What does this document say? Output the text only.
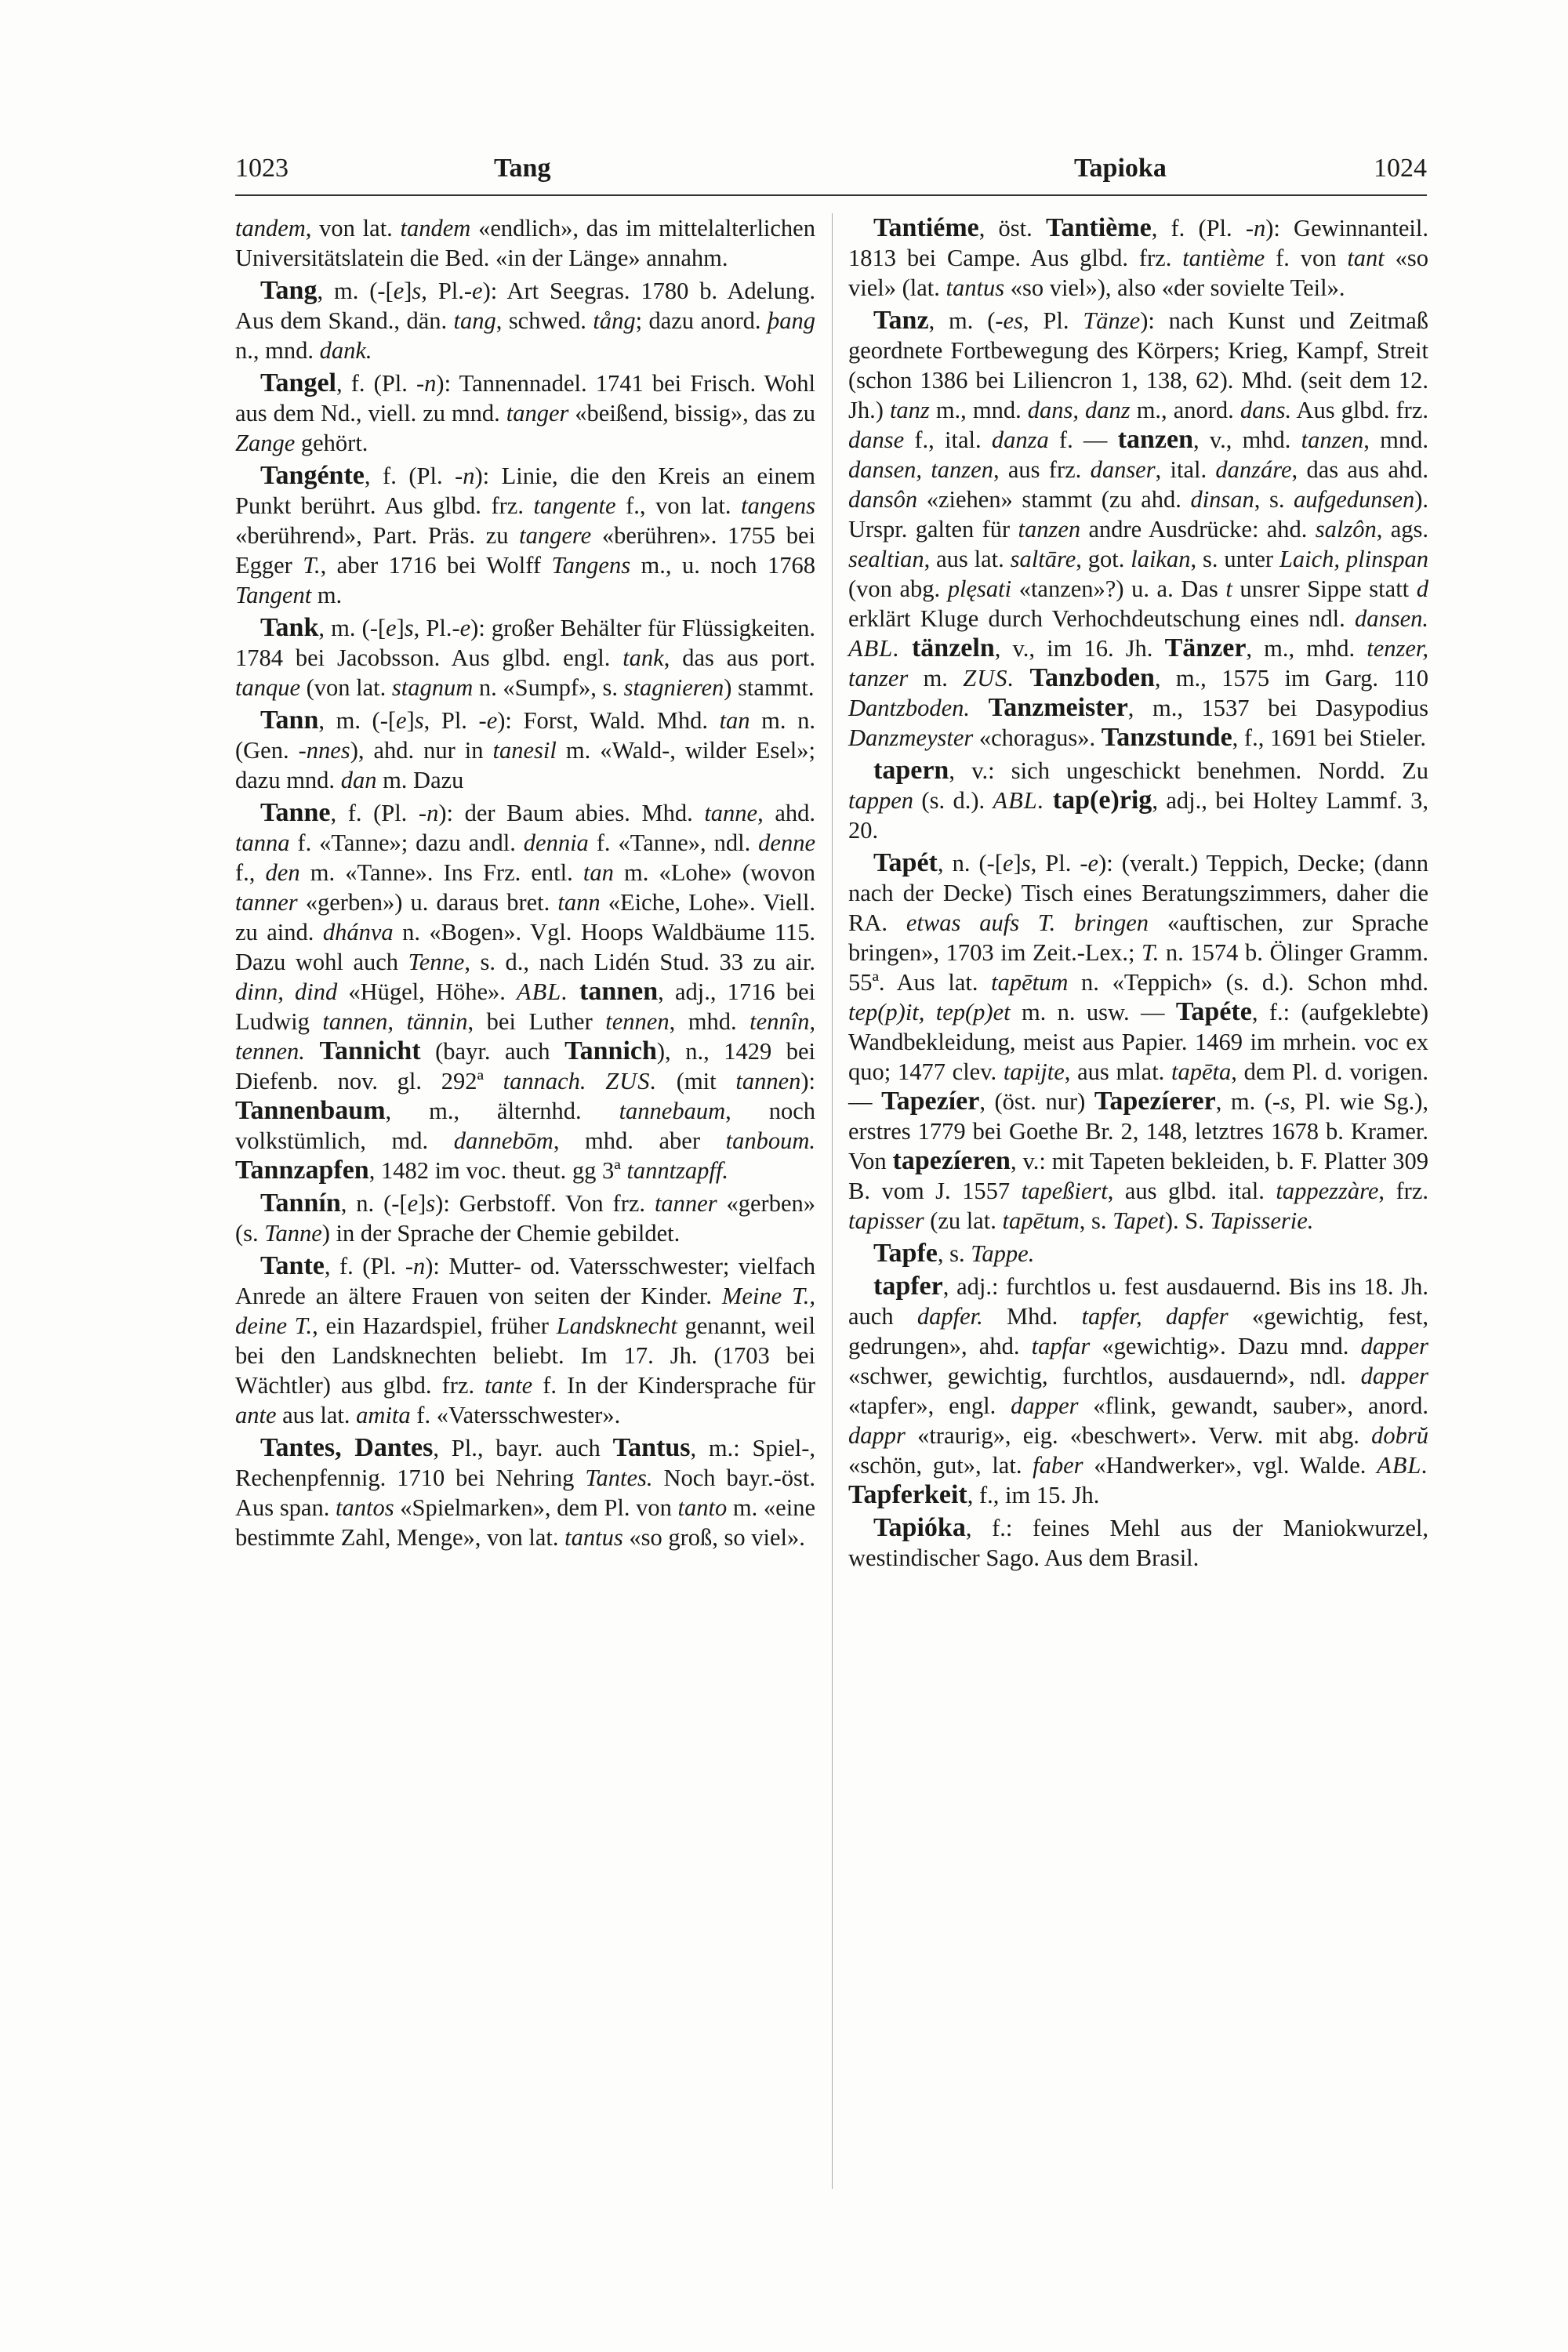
1023	Tang	Tapioka	1024

tandem, von lat. tandem «endlich», das im mittelalterlichen Universitätslatein die Bed. «in der Länge» annahm.

Tang, m. (-[e]s, Pl.-e): Art Seegras. 1780 b. Adelung. Aus dem Skand., dän. tang, schwed. tång; dazu anord. þang n., mnd. dank.

Tangel, f. (Pl. -n): Tannennadel. 1741 bei Frisch. Wohl aus dem Nd., viell. zu mnd. tanger «beißend, bissig», das zu Zange gehört.

Tangénte, f. (Pl. -n): Linie, die den Kreis an einem Punkt berührt. Aus glbd. frz. tangente f., von lat. tangens «berührend», Part. Präs. zu tangere «berühren». 1755 bei Egger T., aber 1716 bei Wolff Tangens m., u. noch 1768 Tangent m.

Tank, m. (-[e]s, Pl.-e): großer Behälter für Flüssigkeiten. 1784 bei Jacobsson. Aus glbd. engl. tank, das aus port. tanque (von lat. stagnum n. «Sumpf», s. stagnieren) stammt.

Tann, m. (-[e]s, Pl. -e): Forst, Wald. Mhd. tan m. n. (Gen. -nnes), ahd. nur in tanesil m. «Wald-, wilder Esel»; dazu mnd. dan m. Dazu

Tanne, f. (Pl. -n): der Baum abies. Mhd. tanne, ahd. tanna f. «Tanne»; dazu andl. dennia f. «Tanne», ndl. denne f., den m. «Tanne». Ins Frz. entl. tan m. «Lohe» (wovon tanner «gerben») u. daraus bret. tann «Eiche, Lohe». Viell. zu aind. dhánva n. «Bogen». Vgl. Hoops Waldbäume 115. Dazu wohl auch Tenne, s. d., nach Lidén Stud. 33 zu air. dinn, dind «Hügel, Höhe». ABL. tannen, adj., 1716 bei Ludwig tannen, tännin, bei Luther tennen, mhd. tennîn, tennen. Tannicht (bayr. auch Tannich), n., 1429 bei Diefenb. nov. gl. 292ª tannach. ZUS. (mit tannen): Tannenbaum, m., älternhd. tannebaum, noch volkstümlich, md. dannebōm, mhd. aber tanboum. Tannzapfen, 1482 im voc. theut. gg 3ª tanntzapff.

Tannín, n. (-[e]s): Gerbstoff. Von frz. tanner «gerben» (s. Tanne) in der Sprache der Chemie gebildet.

Tante, f. (Pl. -n): Mutter- od. Vatersschwester; vielfach Anrede an ältere Frauen von seiten der Kinder. Meine T., deine T., ein Hazardspiel, früher Landsknecht genannt, weil bei den Landsknechten beliebt. Im 17. Jh. (1703 bei Wächtler) aus glbd. frz. tante f. In der Kindersprache für ante aus lat. amita f. «Vatersschwester».

Tantes, Dantes, Pl., bayr. auch Tantus, m.: Spiel-, Rechenpfennig. 1710 bei Nehring Tantes. Noch bayr.-öst. Aus span. tantos «Spielmarken», dem Pl. von tanto m. «eine bestimmte Zahl, Menge», von lat. tantus «so groß, so viel».

Tantiéme, öst. Tantième, f. (Pl. -n): Gewinnanteil. 1813 bei Campe. Aus glbd. frz. tantième f. von tant «so viel» (lat. tantus «so viel»), also «der sovielte Teil».

Tanz, m. (-es, Pl. Tänze): nach Kunst und Zeitmaß geordnete Fortbewegung des Körpers; Krieg, Kampf, Streit (schon 1386 bei Liliencron 1, 138, 62). Mhd. (seit dem 12. Jh.) tanz m., mnd. dans, danz m., anord. dans. Aus glbd. frz. danse f., ital. danza f. — tanzen, v., mhd. tanzen, mnd. dansen, tanzen, aus frz. danser, ital. danzáre, das aus ahd. dansôn «ziehen» stammt (zu ahd. dinsan, s. aufgedunsen). Urspr. galten für tanzen andre Ausdrücke: ahd. salzôn, ags. sealtian, aus lat. saltāre, got. laikan, s. unter Laich, plinspan (von abg. plęsati «tanzen»?) u. a. Das t unsrer Sippe statt d erklärt Kluge durch Verhochdeutschung eines ndl. dansen. ABL. tänzeln, v., im 16. Jh. Tänzer, m., mhd. tenzer, tanzer m. ZUS. Tanzboden, m., 1575 im Garg. 110 Dantzboden. Tanzmeister, m., 1537 bei Dasypodius Danzmeyster «choragus». Tanzstunde, f., 1691 bei Stieler.

tapern, v.: sich ungeschickt benehmen. Nordd. Zu tappen (s. d.). ABL. tap(e)rig, adj., bei Holtey Lammf. 3, 20.

Tapét, n. (-[e]s, Pl. -e): (veralt.) Teppich, Decke; (dann nach der Decke) Tisch eines Beratungszimmers, daher die RA. etwas aufs T. bringen «auftischen, zur Sprache bringen», 1703 im Zeit.-Lex.; T. n. 1574 b. Ölinger Gramm. 55ª. Aus lat. tapētum n. «Teppich» (s. d.). Schon mhd. tep(p)it, tep(p)et m. n. usw. — Tapéte, f.: (aufgeklebte) Wandbekleidung, meist aus Papier. 1469 im mrhein. voc ex quo; 1477 clev. tapijte, aus mlat. tapēta, dem Pl. d. vorigen. — Tapezíer, (öst. nur) Tapezíerer, m. (-s, Pl. wie Sg.), erstres 1779 bei Goethe Br. 2, 148, letztres 1678 b. Kramer. Von tapezíeren, v.: mit Tapeten bekleiden, b. F. Platter 309 B. vom J. 1557 tapeßiert, aus glbd. ital. tappezzàre, frz. tapisser (zu lat. tapētum, s. Tapet). S. Tapisserie.

Tapfe, s. Tappe.

tapfer, adj.: furchtlos u. fest ausdauernd. Bis ins 18. Jh. auch dapfer. Mhd. tapfer, dapfer «gewichtig, fest, gedrungen», ahd. tapfar «gewichtig». Dazu mnd. dapper «schwer, gewichtig, furchtlos, ausdauernd», ndl. dapper «tapfer», engl. dapper «flink, gewandt, sauber», anord. dappr «traurig», eig. «beschwert». Verw. mit abg. dobrŭ «schön, gut», lat. faber «Handwerker», vgl. Walde. ABL. Tapferkeit, f., im 15. Jh.

Tapióka, f.: feines Mehl aus der Maniokwurzel, westindischer Sago. Aus dem Brasil.
